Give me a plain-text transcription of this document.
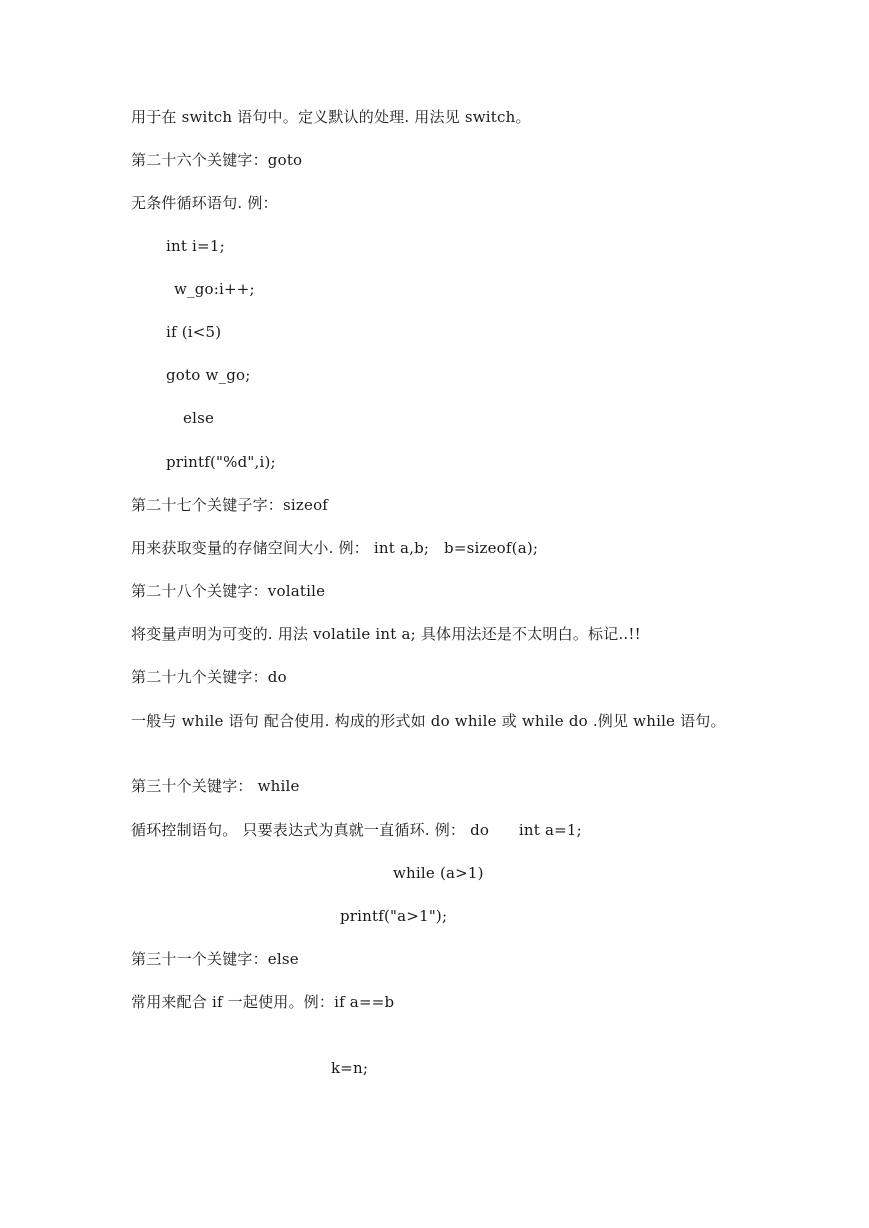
用于在 switch 语句中。定义默认的处理. 用法见 switch。
第二十六个关键字：goto
无条件循环语句. 例：
int i=1;
w_go:i++;
if (i<5)
goto w_go;
else
printf("%d",i);
第二十七个关键子字：sizeof
用来获取变量的存储空间大小. 例： int a,b;   b=sizeof(a);
第二十八个关键字：volatile
将变量声明为可变的. 用法 volatile int a; 具体用法还是不太明白。标记..!!
第二十九个关键字：do
一般与 while 语句 配合使用. 构成的形式如 do while 或 while do .例见 while 语句。
第三十个关键字： while
循环控制语句。 只要表达式为真就一直循环. 例： do      int a=1;
while (a>1)
printf("a>1");
第三十一个关键字：else
常用来配合 if 一起使用。例：if a==b
k=n;
